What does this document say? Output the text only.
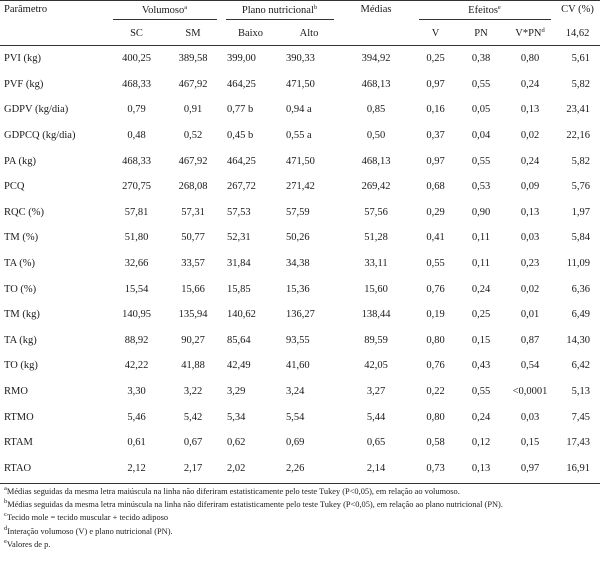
Parâmetro	Volumoso$^a$		Plano nutricional$^b$		Médias	Efeitos$^e$			CV (%)
	SC	SM	Baixo	Alto		V	PN	$V*PN^d$	14,62
PVI (kg)	400,25	389,58	399,00	390,33	394,92	0,25	0,38	0,80	5,61
PVF (kg)	468,33	467,92	464,25	471,50	468,13	0,97	0,55	0,24	5,82
GDPV (kg/dia)	0,79	0,91	0,77 b	0,94 a	0,85	0,16	0,05	0,13	23,41
GDPCQ (kg/dia)	0,48	0,52	0,45 b	0,55 a	0,50	0,37	0,04	0,02	22,16
PA (kg)	468,33	467,92	464,25	471,50	468,13	0,97	0,55	0,24	5,82
PCQ	270,75	268,08	267,72	271,42	269,42	0,68	0,53	0,09	5,76
RQC (%)	57,81	57,31	57,53	57,59	57,56	0,29	0,90	0,13	1,97
TM (%)	51,80	50,77	52,31	50,26	51,28	0,41	0,11	0,03	5,84
TA (%)	32,66	33,57	31,84	34,38	33,11	0,55	0,11	0,23	11,09
TO (%)	15,54	15,66	15,85	15,36	15,60	0,76	0,24	0,02	6,36
TM (kg)	140,95	135,94	140,62	136,27	138,44	0,19	0,25	0,01	6,49
TA (kg)	88,92	90,27	85,64	93,55	89,59	0,80	0,15	0,87	14,30
TO (kg)	42,22	41,88	42,49	41,60	42,05	0,76	0,43	0,54	6,42
RMO	3,30	3,22	3,29	3,24	3,27	0,22	0,55	<0,0001	5,13
RTMO	5,46	5,42	5,34	5,54	5,44	0,80	0,24	0,03	7,45
RTAM	0,61	0,67	0,62	0,69	0,65	0,58	0,12	0,15	17,43
RTAO	2,12	2,17	2,02	2,26	2,14	0,73	0,13	0,97	16,91
$^a$Médias seguidas da mesma letra maiúscula na linha não diferiram estatisticamente pelo teste Tukey (P<0,05), em relação ao volumoso.
$^b$Médias seguidas da mesma letra minúscula na linha não diferiram estatisticamente pelo teste Tukey (P<0,05), em relação ao plano nutricional (PN).
$^c$Tecido mole = tecido muscular + tecido adiposo
$^d$Interação volumoso (V) e plano nutricional (PN).
$^e$Valores de p.
